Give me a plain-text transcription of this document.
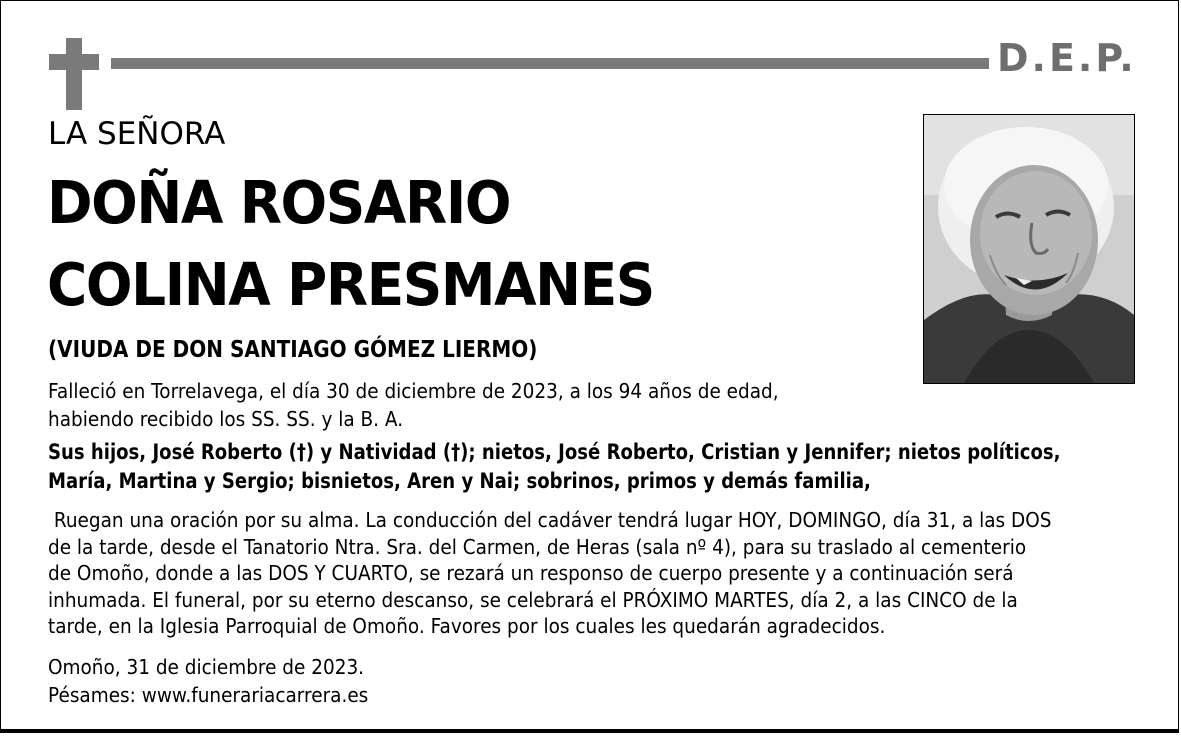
D.E.P.
LA SEÑORA
DOÑA ROSARIO
COLINA PRESMANES
(VIUDA DE DON SANTIAGO GÓMEZ LIERMO)
Falleció en Torrelavega, el día 30 de diciembre de 2023, a los 94 años de edad,
habiendo recibido los SS. SS. y la B. A.
Sus hijos, José Roberto (†) y Natividad (†); nietos, José Roberto, Cristian y Jennifer; nietos políticos,
María, Martina y Sergio; bisnietos, Aren y Nai; sobrinos, primos y demás familia,
Ruegan una oración por su alma. La conducción del cadáver tendrá lugar HOY, DOMINGO, día 31, a las DOS
de la tarde, desde el Tanatorio Ntra. Sra. del Carmen, de Heras (sala nº 4), para su traslado al cementerio
de Omoño, donde a las DOS Y CUARTO, se rezará un responso de cuerpo presente y a continuación será
inhumada. El funeral, por su eterno descanso, se celebrará el PRÓXIMO MARTES, día 2, a las CINCO de la
tarde, en la Iglesia Parroquial de Omoño. Favores por los cuales les quedarán agradecidos.
Omoño, 31 de diciembre de 2023.
Pésames: www.funerariacarrera.es
